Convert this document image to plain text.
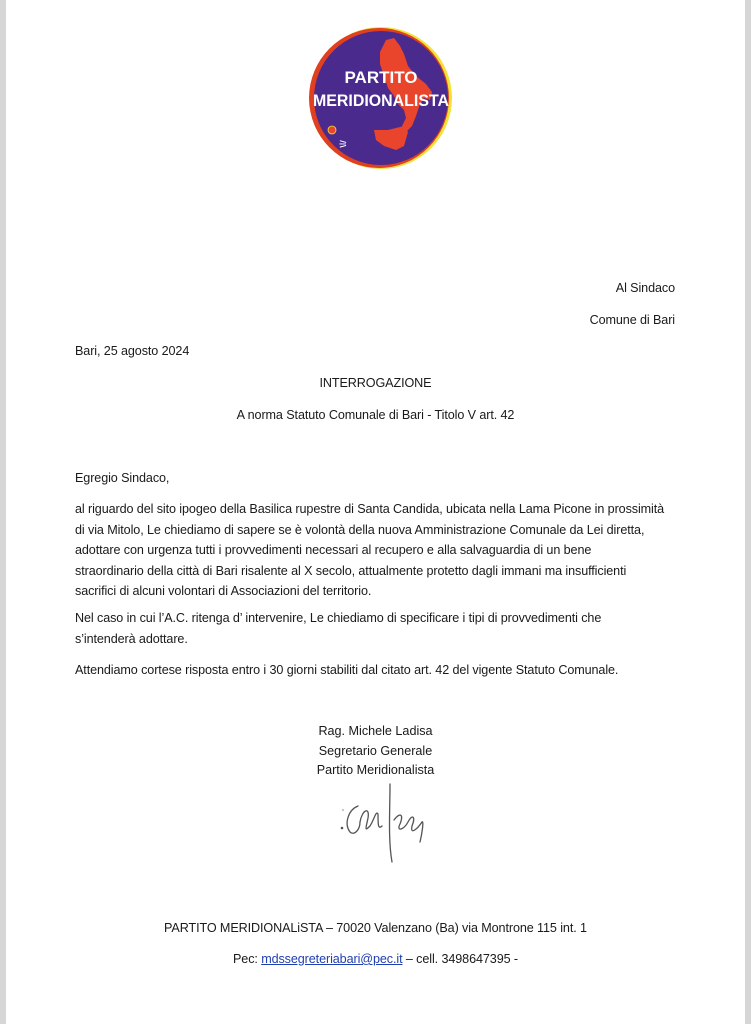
⚞
PARTITO
MERIDIONALISTA
Al Sindaco
Comune di Bari
Bari, 25 agosto 2024
INTERROGAZIONE
A norma Statuto Comunale di Bari - Titolo V art. 42
Egregio Sindaco,
al riguardo del sito ipogeo della Basilica rupestre di Santa Candida, ubicata nella Lama Picone in prossimità
di via Mitolo, Le chiediamo di sapere se è volontà della nuova Amministrazione Comunale da Lei diretta,
adottare con urgenza tutti i provvedimenti necessari al recupero e alla salvaguardia di un bene
straordinario della città di Bari risalente al X secolo, attualmente protetto dagli immani ma insufficienti
sacrifici di alcuni volontari di Associazioni del territorio.
Nel caso in cui l’A.C. ritenga d’ intervenire, Le chiediamo di specificare i tipi di provvedimenti che
s’intenderà adottare.
Attendiamo cortese risposta entro i 30 giorni stabiliti dal citato art. 42 del vigente Statuto Comunale.
Rag. Michele Ladisa
Segretario Generale
Partito Meridionalista
PARTITO MERIDIONALiSTA – 70020 Valenzano (Ba) via Montrone 115 int. 1
Pec: mdssegreteriabari@pec.it – cell. 3498647395 -
